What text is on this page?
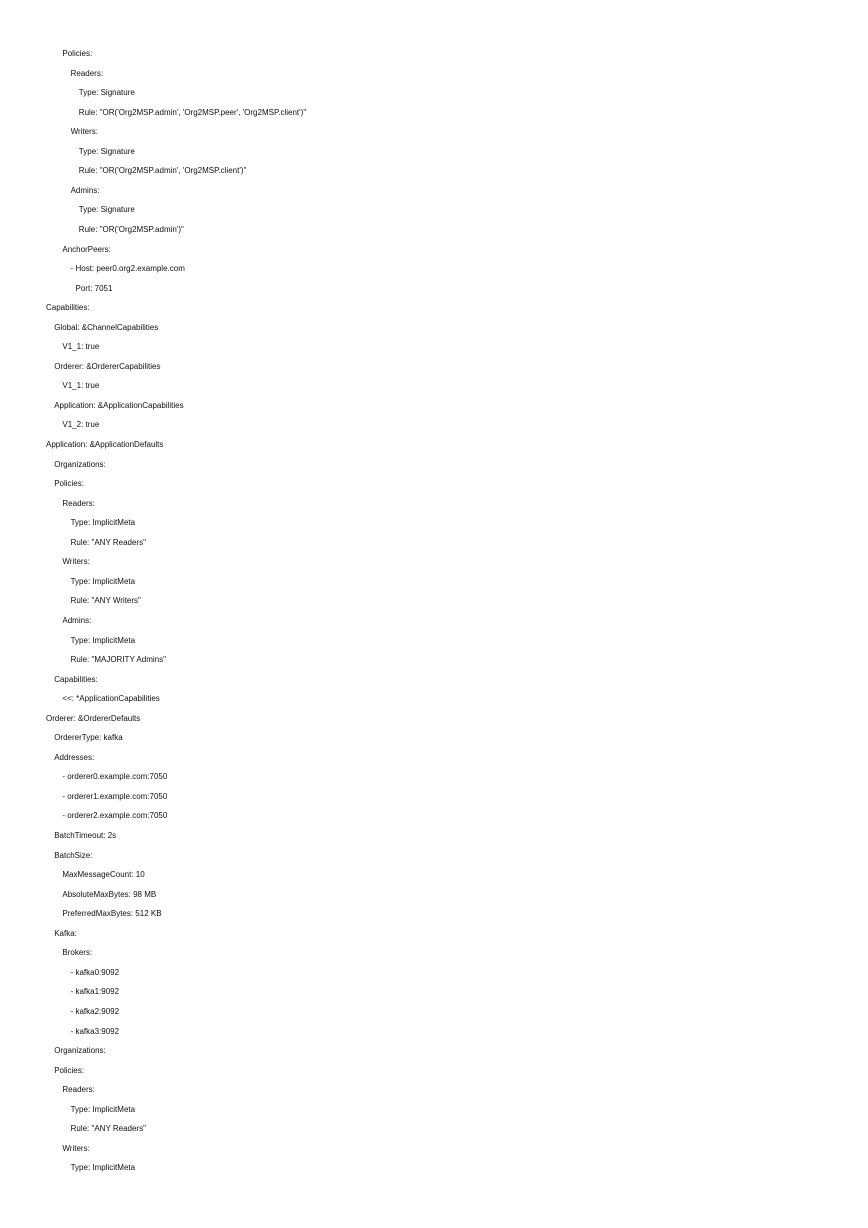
Policies:
Readers:
Type: Signature
Rule: "OR('Org2MSP.admin', 'Org2MSP.peer', 'Org2MSP.client')"
Writers:
Type: Signature
Rule: "OR('Org2MSP.admin', 'Org2MSP.client')"
Admins:
Type: Signature
Rule: "OR('Org2MSP.admin')"
AnchorPeers:
- Host: peer0.org2.example.com
Port: 7051
Capabilities:
Global: &ChannelCapabilities
V1_1: true
Orderer: &OrdererCapabilities
V1_1: true
Application: &ApplicationCapabilities
V1_2: true
Application: &ApplicationDefaults
Organizations:
Policies:
Readers:
Type: ImplicitMeta
Rule: "ANY Readers"
Writers:
Type: ImplicitMeta
Rule: "ANY Writers"
Admins:
Type: ImplicitMeta
Rule: "MAJORITY Admins"
Capabilities:
<<: *ApplicationCapabilities
Orderer: &OrdererDefaults
OrdererType: kafka
Addresses:
- orderer0.example.com:7050
- orderer1.example.com:7050
- orderer2.example.com:7050
BatchTimeout: 2s
BatchSize:
MaxMessageCount: 10
AbsoluteMaxBytes: 98 MB
PreferredMaxBytes: 512 KB
Kafka:
Brokers:
- kafka0:9092
- kafka1:9092
- kafka2:9092
- kafka3:9092
Organizations:
Policies:
Readers:
Type: ImplicitMeta
Rule: "ANY Readers"
Writers:
Type: ImplicitMeta
